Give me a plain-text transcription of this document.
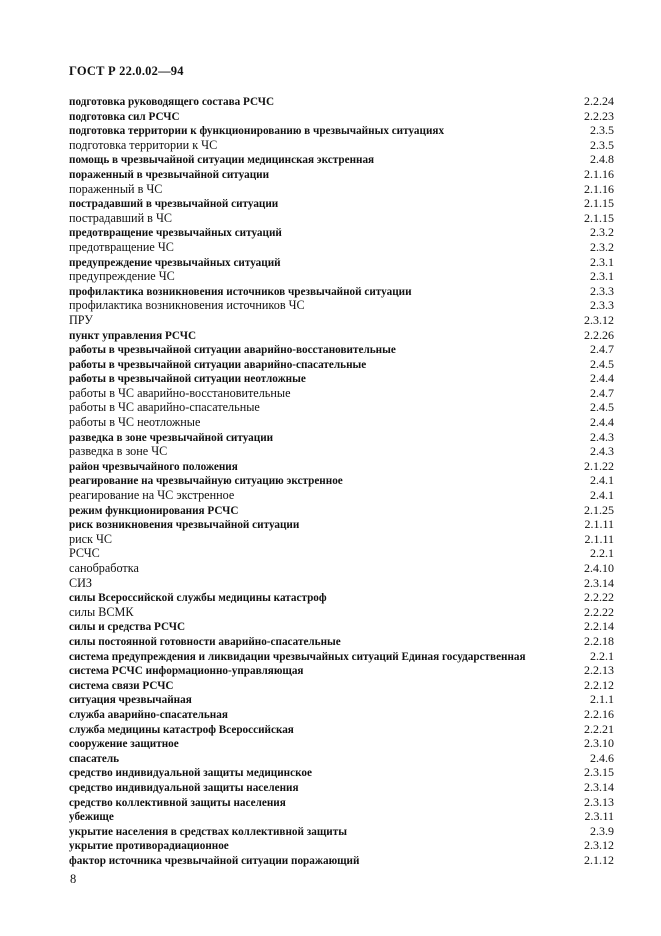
ГОСТ Р 22.0.02—94
подготовка руководящего состава РСЧС	2.2.24
подготовка сил РСЧС	2.2.23
подготовка территории к функционированию в чрезвычайных ситуациях	2.3.5
подготовка территории к ЧС	2.3.5
помощь в чрезвычайной ситуации медицинская экстренная	2.4.8
пораженный в чрезвычайной ситуации	2.1.16
пораженный в ЧС	2.1.16
пострадавший в чрезвычайной ситуации	2.1.15
пострадавший в ЧС	2.1.15
предотвращение чрезвычайных ситуаций	2.3.2
предотвращение ЧС	2.3.2
предупреждение чрезвычайных ситуаций	2.3.1
предупреждение ЧС	2.3.1
профилактика возникновения источников чрезвычайной ситуации	2.3.3
профилактика возникновения источников ЧС	2.3.3
ПРУ	2.3.12
пункт управления РСЧС	2.2.26
работы в чрезвычайной ситуации аварийно-восстановительные	2.4.7
работы в чрезвычайной ситуации аварийно-спасательные	2.4.5
работы в чрезвычайной ситуации неотложные	2.4.4
работы в ЧС аварийно-восстановительные	2.4.7
работы в ЧС аварийно-спасательные	2.4.5
работы в ЧС неотложные	2.4.4
разведка в зоне чрезвычайной ситуации	2.4.3
разведка в зоне ЧС	2.4.3
район чрезвычайного положения	2.1.22
реагирование на чрезвычайную ситуацию экстренное	2.4.1
реагирование на ЧС экстренное	2.4.1
режим функционирования РСЧС	2.1.25
риск возникновения чрезвычайной ситуации	2.1.11
риск ЧС	2.1.11
РСЧС	2.2.1
санобработка	2.4.10
СИЗ	2.3.14
силы Всероссийской службы медицины катастроф	2.2.22
силы ВСМК	2.2.22
силы и средства РСЧС	2.2.14
силы постоянной готовности аварийно-спасательные	2.2.18
система предупреждения и ликвидации чрезвычайных ситуаций Единая государственная	2.2.1
система РСЧС информационно-управляющая	2.2.13
система связи РСЧС	2.2.12
ситуация чрезвычайная	2.1.1
служба аварийно-спасательная	2.2.16
служба медицины катастроф Всероссийская	2.2.21
сооружение защитное	2.3.10
спасатель	2.4.6
средство индивидуальной защиты медицинское	2.3.15
средство индивидуальной защиты населения	2.3.14
средство коллективной защиты населения	2.3.13
убежище	2.3.11
укрытие населения в средствах коллективной защиты	2.3.9
укрытие противорадиационное	2.3.12
фактор источника чрезвычайной ситуации поражающий	2.1.12
8
